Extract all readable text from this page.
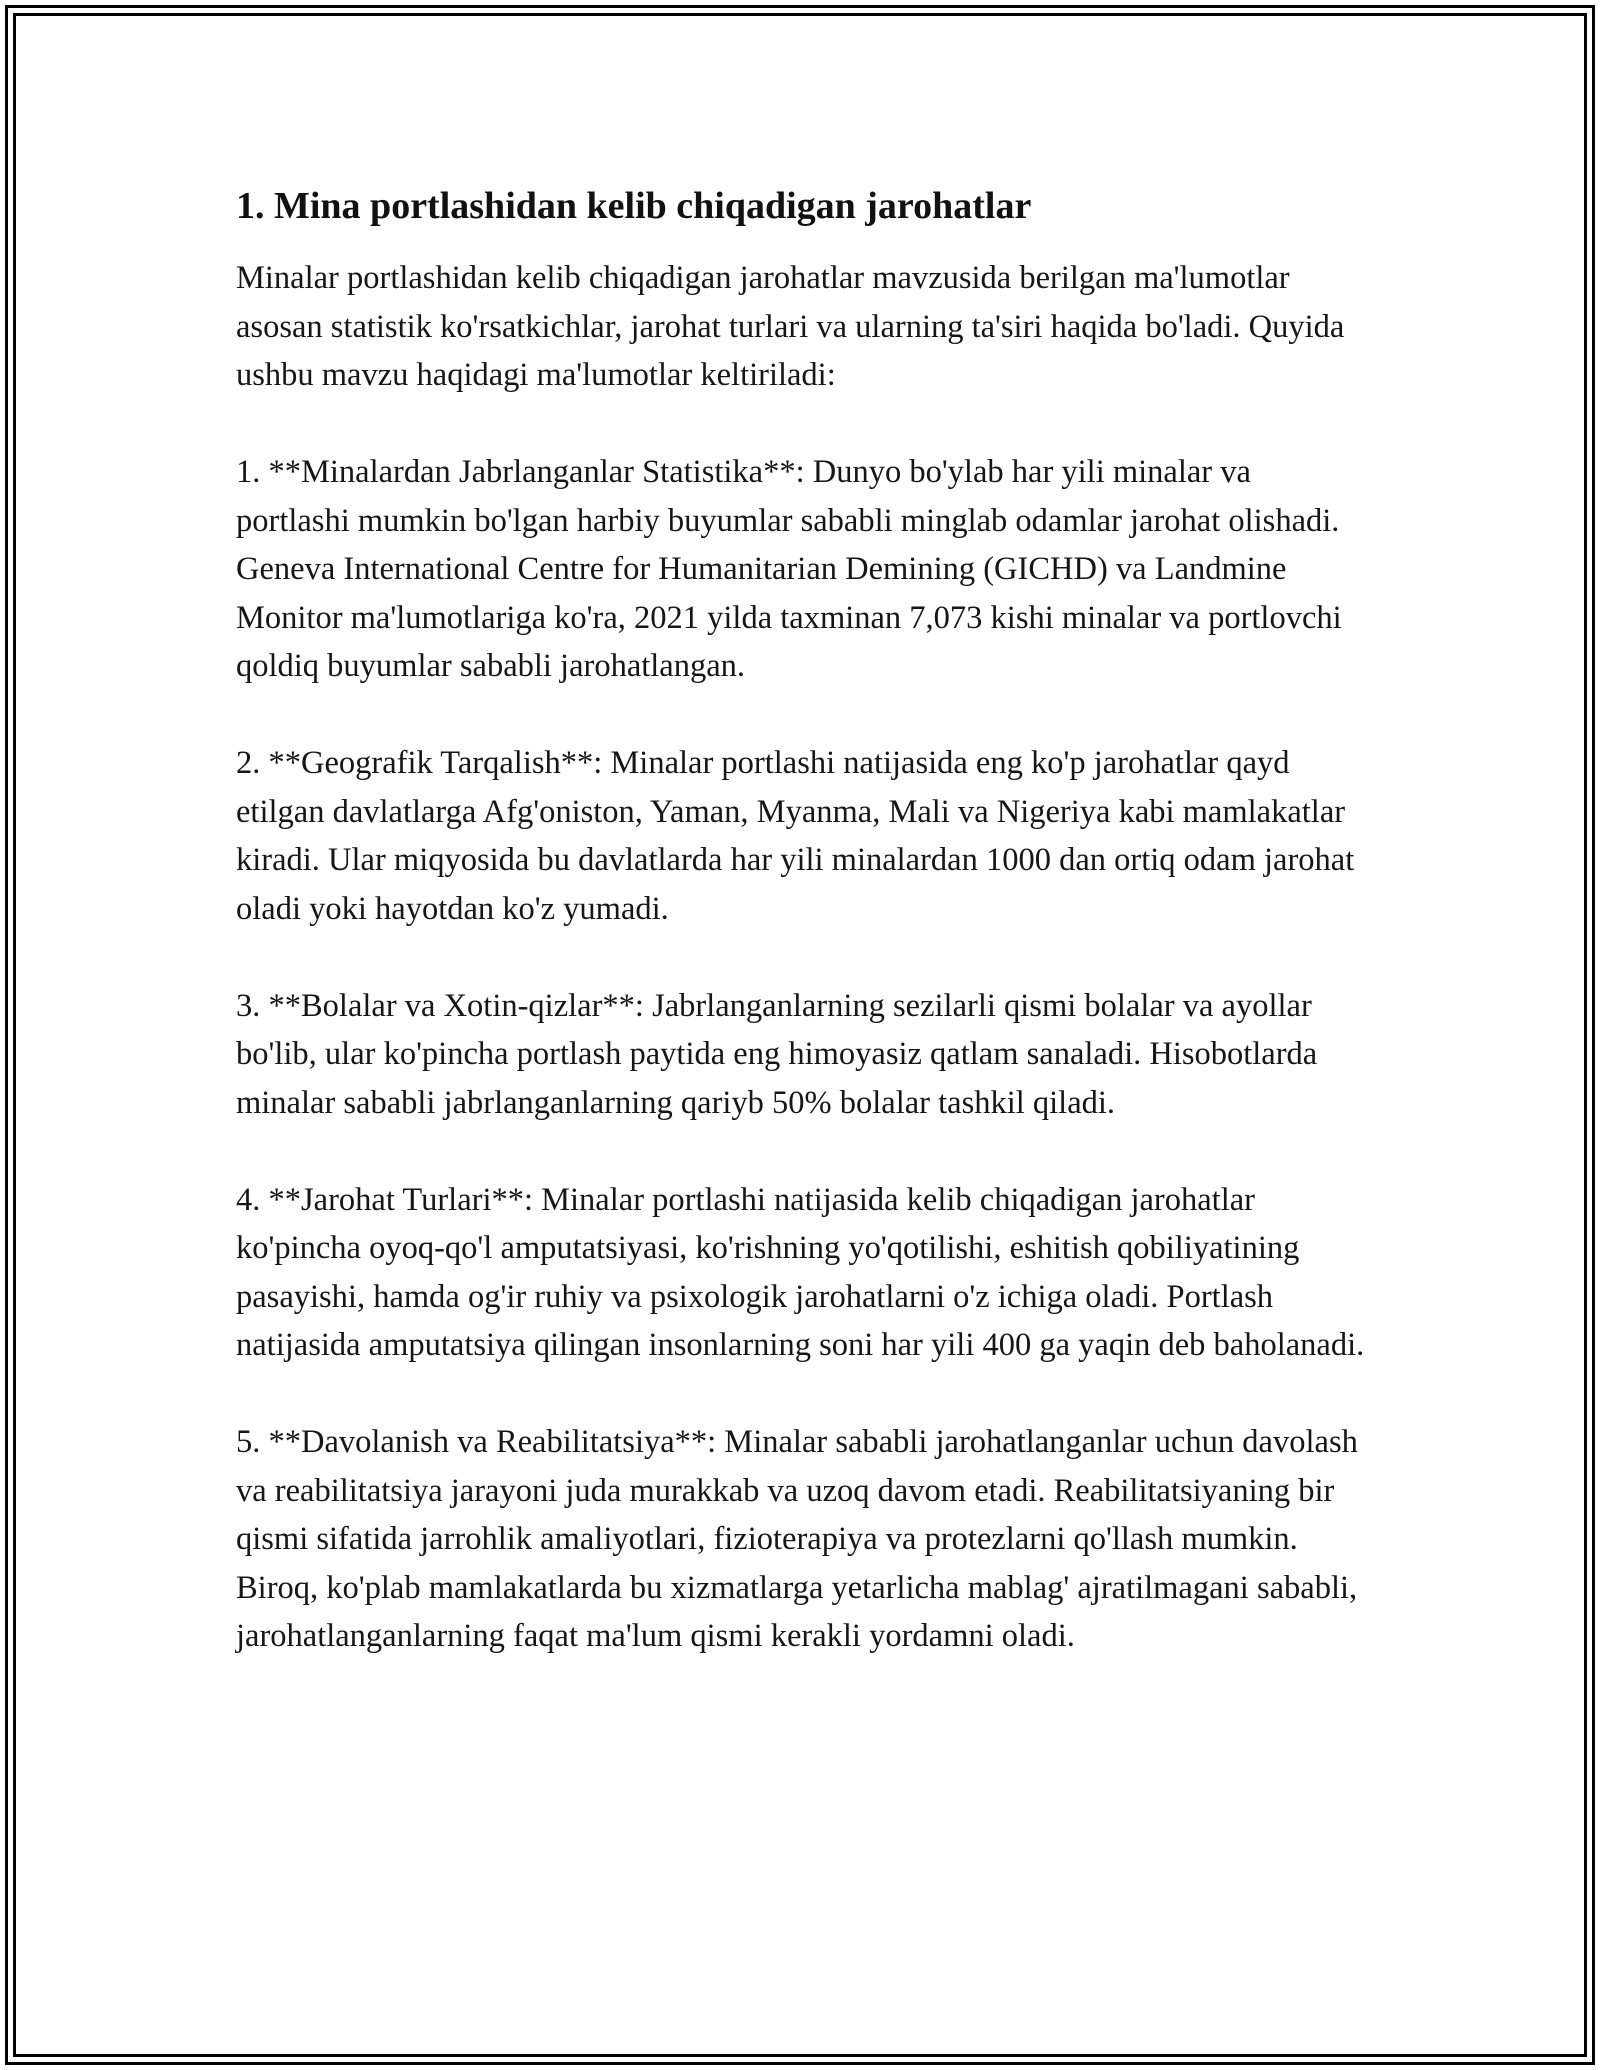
1. Mina portlashidan kelib chiqadigan jarohatlar

Minalar portlashidan kelib chiqadigan jarohatlar mavzusida berilgan ma'lumotlar asosan statistik ko'rsatkichlar, jarohat turlari va ularning ta'siri haqida bo'ladi. Quyida ushbu mavzu haqidagi ma'lumotlar keltiriladi:

1. **Minalardan Jabrlanganlar Statistika**: Dunyo bo'ylab har yili minalar va portlashi mumkin bo'lgan harbiy buyumlar sababli minglab odamlar jarohat olishadi. Geneva International Centre for Humanitarian Demining (GICHD) va Landmine Monitor ma'lumotlariga ko'ra, 2021 yilda taxminan 7,073 kishi minalar va portlovchi qoldiq buyumlar sababli jarohatlangan.

2. **Geografik Tarqalish**: Minalar portlashi natijasida eng ko'p jarohatlar qayd etilgan davlatlarga Afg'oniston, Yaman, Myanma, Mali va Nigeriya kabi mamlakatlar kiradi. Ular miqyosida bu davlatlarda har yili minalardan 1000 dan ortiq odam jarohat oladi yoki hayotdan ko'z yumadi.

3. **Bolalar va Xotin-qizlar**: Jabrlanganlarning sezilarli qismi bolalar va ayollar bo'lib, ular ko'pincha portlash paytida eng himoyasiz qatlam sanaladi. Hisobotlarda minalar sababli jabrlanganlarning qariyb 50% bolalar tashkil qiladi.

4. **Jarohat Turlari**: Minalar portlashi natijasida kelib chiqadigan jarohatlar ko'pincha oyoq-qo'l amputatsiyasi, ko'rishning yo'qotilishi, eshitish qobiliyatining pasayishi, hamda og'ir ruhiy va psixologik jarohatlarni o'z ichiga oladi. Portlash natijasida amputatsiya qilingan insonlarning soni har yili 400 ga yaqin deb baholanadi.

5. **Davolanish va Reabilitatsiya**: Minalar sababli jarohatlanganlar uchun davolash va reabilitatsiya jarayoni juda murakkab va uzoq davom etadi. Reabilitatsiyaning bir qismi sifatida jarrohlik amaliyotlari, fizioterapiya va protezlarni qo'llash mumkin. Biroq, ko'plab mamlakatlarda bu xizmatlarga yetarlicha mablag' ajratilmagani sababli, jarohatlanganlarning faqat ma'lum qismi kerakli yordamni oladi.
